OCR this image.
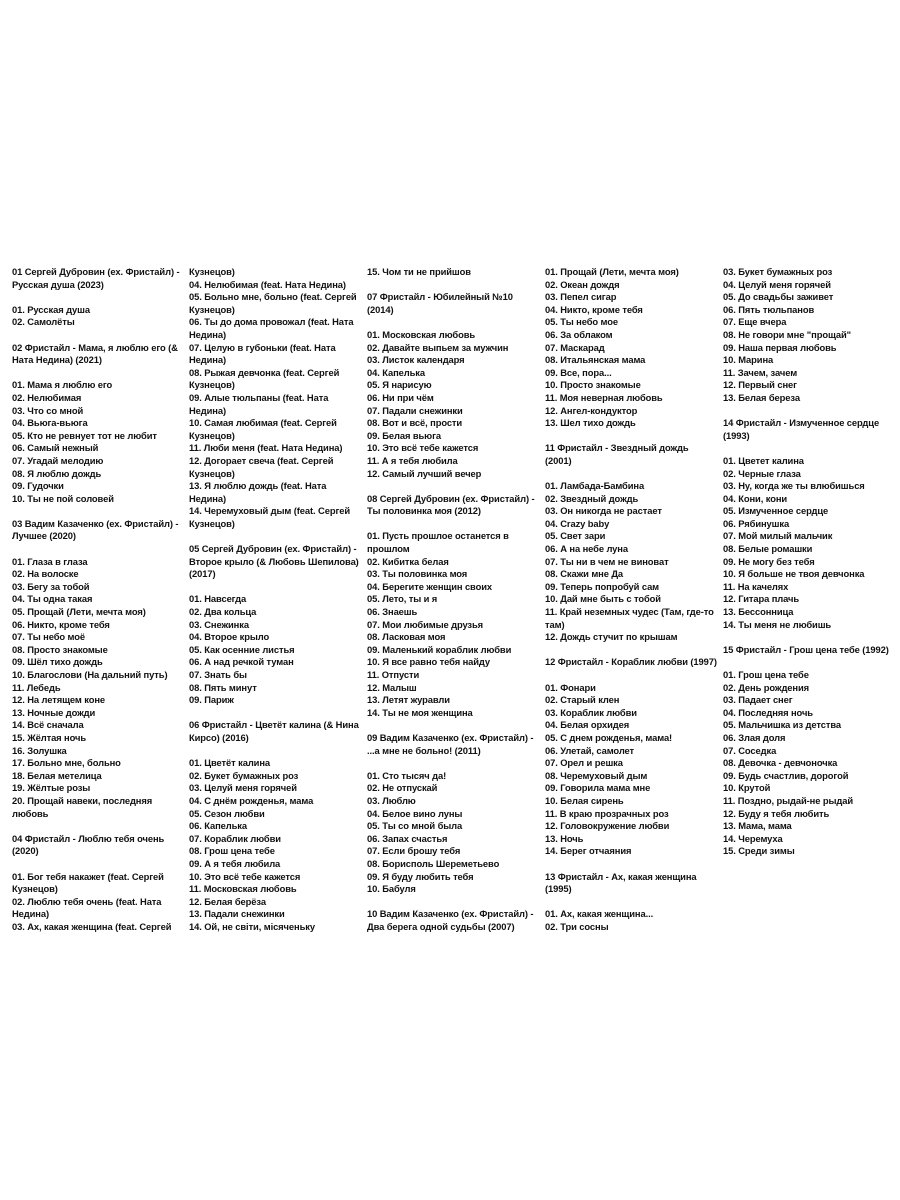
01 Сергей Дубровин (ех. Фристайл) - Русская душа (2023)
01. Русская душа
02. Самолёты
02 Фристайл - Мама, я люблю его (& Ната Недина) (2021)
01. Мама я люблю его
02. Нелюбимая
03. Что со мной
04. Вьюга-вьюга
05. Кто не ревнует тот не любит
06. Самый нежный
07. Угадай мелодию
08. Я люблю дождь
09. Гудочки
10. Ты не пой соловей
03 Вадим Казаченко (ех. Фристайл) - Лучшее (2020)
01. Глаза в глаза
02. На волоске
03. Бегу за тобой
04. Ты одна такая
05. Прощай (Лети, мечта моя)
06. Никто, кроме тебя
07. Ты небо моё
08. Просто знакомые
09. Шёл тихо дождь
10. Благослови (На дальний путь)
11. Лебедь
12. На летящем коне
13. Ночные дожди
14. Всё сначала
15. Жёлтая ночь
16. Золушка
17. Больно мне, больно
18. Белая метелица
19. Жёлтые розы
20. Прощай навеки, последняя любовь
04 Фристайл - Люблю тебя очень (2020)
01. Бог тебя накажет (feat. Сергей Кузнецов)
02. Люблю тебя очень (feat. Ната Недина)
03. Ах, какая женщина (feat. Сергей
Кузнецов)
04. Нелюбимая (feat. Ната Недина)
05. Больно мне, больно (feat. Сергей Кузнецов)
06. Ты до дома провожал (feat. Ната Недина)
07. Целую в губоньки (feat. Ната Недина)
08. Рыжая девчонка (feat. Сергей Кузнецов)
09. Алые тюльпаны (feat. Ната Недина)
10. Самая любимая (feat. Сергей Кузнецов)
11. Люби меня (feat. Ната Недина)
12. Догорает свеча (feat. Сергей Кузнецов)
13. Я люблю дождь (feat. Ната Недина)
14. Черемуховый дым (feat. Сергей Кузнецов)
05 Сергей Дубровин (ех. Фристайл) - Второе крыло (& Любовь Шепилова) (2017)
01. Навсегда
02. Два кольца
03. Снежинка
04. Второе крыло
05. Как осенние листья
06. А над речкой туман
07. Знать бы
08. Пять минут
09. Париж
06 Фристайл - Цветёт калина (& Нина Кирсо) (2016)
01. Цветёт калина
02. Букет бумажных роз
03. Целуй меня горячей
04. С днём рожденья, мама
05. Сезон любви
06. Капелька
07. Кораблик любви
08. Грош цена тебе
09. А я тебя любила
10. Это всё тебе кажется
11. Московская любовь
12. Белая берёза
13. Падали снежинки
14. Ой, не світи, місяченьку
15. Чом ти не прийшов
07 Фристайл - Юбилейный №10 (2014)
01. Московская любовь
02. Давайте выпьем за мужчин
03. Листок календаря
04. Капелька
05. Я нарисую
06. Ни при чём
07. Падали снежинки
08. Вот и всё, прости
09. Белая вьюга
10. Это всё тебе кажется
11. А я тебя любила
12. Самый лучший вечер
08 Сергей Дубровин (ех. Фристайл) - Ты половинка моя (2012)
01. Пусть прошлое останется в прошлом
02. Кибитка белая
03. Ты половинка моя
04. Берегите женщин своих
05. Лето, ты и я
06. Знаешь
07. Мои любимые друзья
08. Ласковая моя
09. Маленький кораблик любви
10. Я все равно тебя найду
11. Отпусти
12. Малыш
13. Летят журавли
14. Ты не моя женщина
09 Вадим Казаченко (ех. Фристайл) - ...а мне не больно! (2011)
01. Сто тысяч да!
02. Не отпускай
03. Люблю
04. Белое вино луны
05. Ты со мной была
06. Запах счастья
07. Если брошу тебя
08. Борисполь Шереметьево
09. Я буду любить тебя
10. Бабуля
10 Вадим Казаченко (ех. Фристайл) - Два берега одной судьбы (2007)
01. Прощай (Лети, мечта моя)
02. Океан дождя
03. Пепел сигар
04. Никто, кроме тебя
05. Ты небо мое
06. За облаком
07. Маскарад
08. Итальянская мама
09. Все, пора...
10. Просто знакомые
11. Моя неверная любовь
12. Ангел-кондуктор
13. Шел тихо дождь
11 Фристайл - Звездный дождь (2001)
01. Ламбада-Бамбина
02. Звездный дождь
03. Он никогда не растает
04. Crazy baby
05. Свет зари
06. А на небе луна
07. Ты ни в чем не виноват
08. Скажи мне Да
09. Теперь попробуй сам
10. Дай мне быть с тобой
11. Край неземных чудес (Там, где-то там)
12. Дождь стучит по крышам
12 Фристайл - Кораблик любви (1997)
01. Фонари
02. Старый клен
03. Кораблик любви
04. Белая орхидея
05. С днем рожденья, мама!
06. Улетай, самолет
07. Орел и решка
08. Черемуховый дым
09. Говорила мама мне
10. Белая сирень
11. В краю прозрачных роз
12. Головокружение любви
13. Ночь
14. Берег отчаяния
13 Фристайл - Ах, какая женщина (1995)
01. Ах, какая женщина...
02. Три сосны
03. Букет бумажных роз
04. Целуй меня горячей
05. До свадьбы заживет
06. Пять тюльпанов
07. Еще вчера
08. Не говори мне "прощай"
09. Наша первая любовь
10. Марина
11. Зачем, зачем
12. Первый снег
13. Белая береза
14 Фристайл - Измученное сердце (1993)
01. Цветет калина
02. Черные глаза
03. Ну, когда же ты влюбишься
04. Кони, кони
05. Измученное сердце
06. Рябинушка
07. Мой милый мальчик
08. Белые ромашки
09. Не могу без тебя
10. Я больше не твоя девчонка
11. На качелях
12. Гитара плачь
13. Бессонница
14. Ты меня не любишь
15 Фристайл - Грош цена тебе (1992)
01. Грош цена тебе
02. День рождения
03. Падает снег
04. Последняя ночь
05. Мальчишка из детства
06. Злая доля
07. Соседка
08. Девочка - девчоночка
09. Будь счастлив, дорогой
10. Крутой
11. Поздно, рыдай-не рыдай
12. Буду я тебя любить
13. Мама, мама
14. Черемуха
15. Среди зимы
